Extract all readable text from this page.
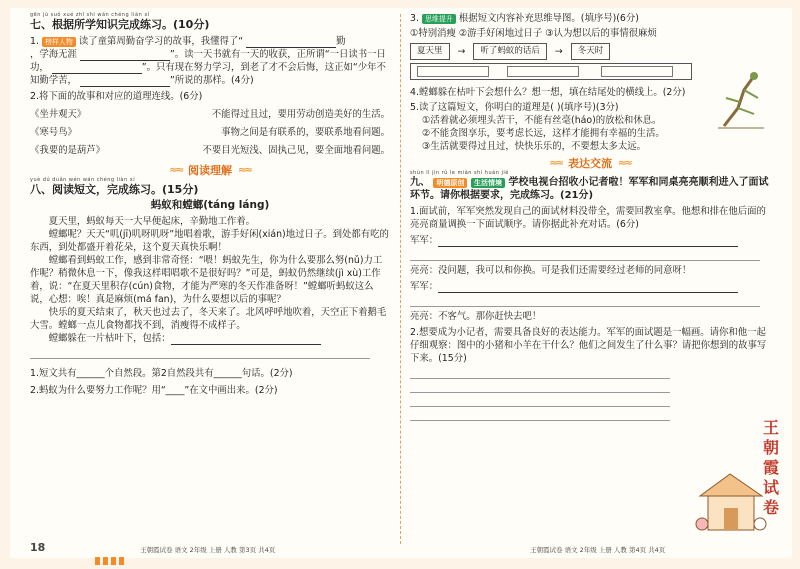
gēn jù suǒ xué zhī shi wán chéng liàn xí
七、根据所学知识完成练习。(10分)
1. 榜样人物 读了童第周勤奋学习的故事，我懂得了“	勤
，学海无涯	”。读一天书就有一天的收获，正所谓“一日读书一日功，	”。只有现在努力学习，到老了才不会后悔，这正如“少年不知勤学苦，	”所说的那样。(4分)
2.将下面的故事和对应的道理连线。(6分)
《坐井观天》	不能得过且过，要用劳动创造美好的生活。
《寒号鸟》	事物之间是有联系的，要联系地看问题。
《我要的是葫芦》	不要目光短浅、固执己见，要全面地看问题。
≈≈ 阅读理解 ≈≈
yuè dú duǎn wén wán chéng liàn xí
八、阅读短文，完成练习。(15分)
蚂蚁和螳螂(táng láng)

夏天里，蚂蚁每天一大早便起床，辛勤地工作着。

螳螂呢？天天“叽(jī)叽呀叽呀”地唱着歌，游手好闲(xián)地过日子。到处都有吃的东西，到处都盛开着花朵，这个夏天真快乐啊！

螳螂看到蚂蚁工作，感到非常奇怪：“喂！蚂蚁先生，你为什么要那么努(nǔ)力工作呢？稍微休息一下，像我这样唱唱歌不是很好吗？”可是，蚂蚁仍然继续(jì xù)工作着，说：“在夏天里积存(cún)食物，才能为严寒的冬天作准备呀！”螳螂听蚂蚁这么说，心想：唉！真是麻烦(má fan)，为什么要想以后的事呢？

快乐的夏天结束了，秋天也过去了，冬天来了。北风呼呼地吹着，天空正下着鹅毛大雪。螳螂一点儿食物都找不到，消瘦得不成样子。

螳螂躲在一片枯叶下，包括：

1.短文共有______个自然段。第2自然段共有______句话。(2分)
2.蚂蚁为什么要努力工作呢？用“____”在文中画出来。(2分)
18	王朝霞试卷 语文 2年级 上册 人教 第3页 共4页
3. 思维提升 根据短文内容补充思维导图。(填序号)(6分)
①特别消瘦 ②游手好闲地过日子 ③认为想以后的事情很麻烦
夏天里	→	听了蚂蚁的话后	→	冬天时
4.螳螂躲在枯叶下会想什么？想一想，填在结尾处的横线上。(2分)
5.读了这篇短文，你明白的道理是( )(填序号)(3分)
①活着就必须埋头苦干，不能有丝毫(háo)的放松和休息。
②不能贪图享乐，要考虑长远，这样才能拥有幸福的生活。
③生活就要得过且过，快快乐乐的，不要想太多太远。
≈≈ 表达交流 ≈≈
shùn lì jìn rù le miàn shì huán jié
九、 明德原创 生活情境 学校电视台招收小记者啦！军军和同桌亮亮顺利进入了面试环节。请你根据要求，完成练习。(21分)
1.面试前，军军突然发现自己的面试材料没带全，需要回教室拿。他想和排在他后面的亮亮商量调换一下面试顺序。请你据此补充对话。(6分)
军军：
亮亮：没问题，我可以和你换。可是我们还需要经过老师的同意呀！
军军：
亮亮：不客气。那你赶快去吧！
2.想要成为小记者，需要具备良好的表达能力。军军的面试题是一幅画。请你和他一起仔细观察：图中的小猪和小羊在干什么？他们之间发生了什么事？请把你想到的故事写下来。(15分)
王朝霞试卷 语文 2年级 上册 人教 第4页 共4页
王
朝
霞
试
卷
